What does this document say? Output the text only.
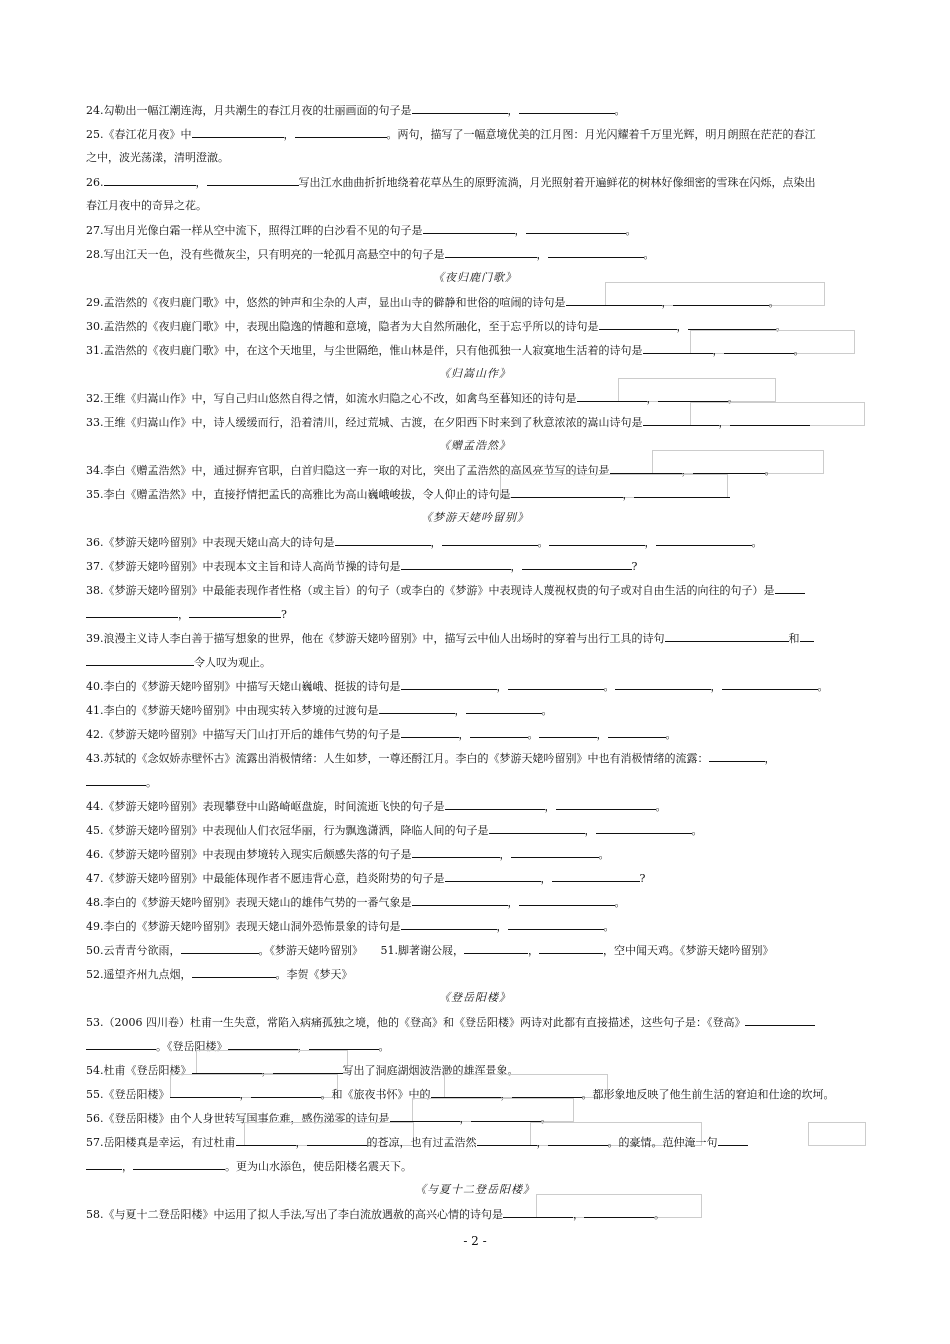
24.勾勒出一幅江潮连海，月共潮生的春江月夜的壮丽画面的句子是	，	。
25.《春江花月夜》中	，	。两句，描写了一幅意境优美的江月图：月光闪耀着千万里光辉，明月朗照在茫茫的春江
之中，波光荡漾，清明澄澈。
26.	，	写出江水曲曲折折地绕着花草丛生的原野流淌，月光照射着开遍鲜花的树林好像细密的雪珠在闪烁，点染出
春江月夜中的奇异之花。
27.写出月光像白霜一样从空中流下，照得江畔的白沙看不见的句子是	，	。
28.写出江天一色，没有些微灰尘，只有明亮的一轮孤月高悬空中的句子是	，	。
《夜归鹿门歌》
29.孟浩然的《夜归鹿门歌》中，悠然的钟声和尘杂的人声，显出山寺的僻静和世俗的喧闹的诗句是	，	。
30.孟浩然的《夜归鹿门歌》中，表现出隐逸的情趣和意境，隐者为大自然所融化，至于忘乎所以的诗句是	，	。
31.孟浩然的《夜归鹿门歌》中，在这个天地里，与尘世隔绝，惟山林是伴，只有他孤独一人寂寞地生活着的诗句是	，	。
《归嵩山作》
32.王维《归嵩山作》中，写自己归山悠然自得之情，如流水归隐之心不改，如禽鸟至暮知还的诗句是	，	。
33.王维《归嵩山作》中，诗人缓缓而行，沿着清川，经过荒城、古渡，在夕阳西下时来到了秋意浓浓的嵩山诗句是	，
《赠孟浩然》
34.李白《赠孟浩然》中，通过摒弃官职，白首归隐这一弃一取的对比，突出了孟浩然的高风亮节写的诗句是	，	。
35.李白《赠孟浩然》中，直接抒情把孟氏的高雅比为高山巍峨峻拔，令人仰止的诗句是	，
《梦游天姥吟留别》
36.《梦游天姥吟留别》中表现天姥山高大的诗句是	，	。	，	。
37.《梦游天姥吟留别》中表现本文主旨和诗人高尚节操的诗句是	，	?
38.《梦游天姥吟留别》中最能表现作者性格（或主旨）的句子（或李白的《梦游》中表现诗人蔑视权贵的句子或对自由生活的向往的句子）是
，	?
39.浪漫主义诗人李白善于描写想象的世界，他在《梦游天姥吟留别》中，描写云中仙人出场时的穿着与出行工具的诗句	和
令人叹为观止。
40.李白的《梦游天姥吟留别》中描写天姥山巍峨、挺拔的诗句是	，	。	，	。
41.李白的《梦游天姥吟留别》中由现实转入梦境的过渡句是	，	。
42.《梦游天姥吟留别》中描写天门山打开后的雄伟气势的句子是	，	。	，	。
43.苏轼的《念奴娇赤壁怀古》流露出消极情绪：人生如梦，一尊还酹江月。李白的《梦游天姥吟留别》中也有消极情绪的流露：	，
。
44.《梦游天姥吟留别》表现攀登中山路崎岖盘旋，时间流逝飞快的句子是	，	。
45.《梦游天姥吟留别》中表现仙人们衣冠华丽，行为飘逸潇洒，降临人间的句子是	，	。
46.《梦游天姥吟留别》中表现由梦境转入现实后颇感失落的句子是	，	。
47.《梦游天姥吟留别》中最能体现作者不愿违背心意，趋炎附势的句子是	，	?
48.李白的《梦游天姥吟留别》表现天姥山的雄伟气势的一番气象是	，	。
49.李白的《梦游天姥吟留别》表现天姥山洞外恐怖景象的诗句是	，	。
50.云青青兮欲雨，	。《梦游天姥吟留别》 51.脚著谢公屐，	，	，空中闻天鸡。《梦游天姥吟留别》
52.遥望齐州九点烟，	。李贺《梦天》
《登岳阳楼》
53.（2006 四川卷）杜甫一生失意，常陷入病痛孤独之境，他的《登高》和《登岳阳楼》两诗对此都有直接描述，这些句子是：《登高》
。《登岳阳楼》	，	。
54.杜甫《登岳阳楼》	，	写出了洞庭湖烟波浩渺的雄浑景象。
55.《登岳阳楼》	，	。和《旅夜书怀》中的	，	。都形象地反映了他生前生活的窘迫和仕途的坎坷。
56.《登岳阳楼》由个人身世转写国事危难，感伤涕零的诗句是	，	。
57.岳阳楼真是幸运，有过杜甫	，	的苍凉，也有过孟浩然	，	。的豪情。范仲淹一句
，	。更为山水添色，使岳阳楼名震天下。
《与夏十二登岳阳楼》
58.《与夏十二登岳阳楼》中运用了拟人手法,写出了李白流放遇赦的高兴心情的诗句是	，	。
- 2 -
